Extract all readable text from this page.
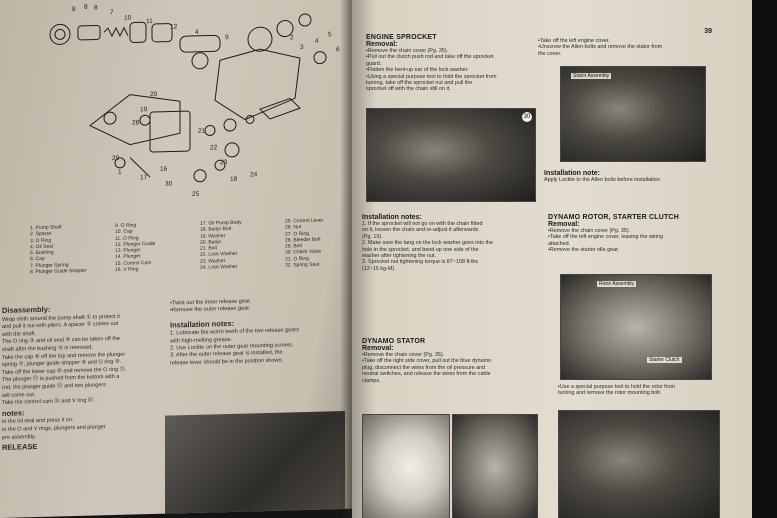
8 8 8
7
10 11
12
4
9	2
3
4
5
6
20
19
28
21
22
23
17
16
29
18
24
25
1
30
1. Pump Shaft
2. Spacer
3. O Ring
4. Oil Seal
5. Bushing
6. Cap
7. Plunger Spring
8. Plunger Guide Stopper
9. O Ring
10. Cap
11. O Ring
12. Plunger Guide
13. Plunger
14. Plunger
15. Control Cam
16. V Ring
17. Oil Pump Body
18. Banjo Bolt
19. Washer
20. Banjo
21. Bolt
22. Lock Washer
23. Washer
24. Lock Washer
25. Control Lever
26. Nut
27. O Ring
28. Bleeder Bolt
29. Bolt
30. Check Valve
31. O Ring
32. Spring Seat
Disassembly:
Wrap cloth around the pump shaft ① to protect it
and pull it out with pliers. A spacer ② comes out
with the shaft.
The O ring ③ and oil seal ④ can be taken off the
shaft after the bushing ⑤ is removed.
Take the cap ⑥ off the top and remove the plunger
spring ⑦, plunger guide stopper ⑧ and O ring ⑨.
Take off the lower cap ⑩ and remove the O ring ⑪.
The plunger ⑬ is pushed from the bottom with a
rod, the plunger guide ⑫ and two plungers
will come out.
Take the control cam ⑮ and V ring ⑯.
notes:
to the oil seal and press it on.
to the O and V rings, plungers and plunger
pre assembly.
RELEASE
•Twist out the inner release gear.
•Remove the outer release gear.
Installation notes:
1. Lubricate the worm teeth of the two release gears
with high-melting grease.
2. Use Loctite on the outer gear mounting screws.
3. After the outer release gear is installed, the
release lever should be in the position shown.
39
ENGINE SPROCKET
Removal:

•Remove the chain cover (Pg. 35).

•Pull out the clutch push rod and take off the sprocket

guard.

•Flatten the bent-up ear of the lock washer.

•Using a special purpose tool to hold the sprocket from

turning, take off the sprocket nut and pull the

sprocket off with the chain still on it.

30
Installation notes:

1. If the sprocket will not go on with the chain fitted

on it, loosen the chain and re-adjust it afterwards

(Pg. 19).

2. Make sure the tang on the lock washer goes into the

hole in the sprocket, and bend up one side of the

washer after tightening the nut.

3. Sprocket nut tightening torque is 87~108 ft-lbs

(12~15 kg-M).

DYNAMO STATOR
Removal:

•Remove the chain cover (Pg. 35).

•Take off the right side cover, pull out the blue dynamo

plug, disconnect the wires from the oil pressure and

neutral switches, and release the wires from the cable

clamps.

•Take off the left engine cover.

•Unscrew the Allen bolts and remove the stator from

the cover.

Stator Assembly
Installation note:

Apply Loctite to the Allen bolts before installation.

DYNAMO ROTOR, STARTER CLUTCH
Removal:

•Remove the chain cover (Pg. 35).

•Take off the left engine cover, leaving the wiring

attached.

•Remove the starter idle gear.

Rotor Assembly
Starter Clutch

•Use a special purpose tool to hold the rotor from

turning and remove the rotor mounting bolt.
